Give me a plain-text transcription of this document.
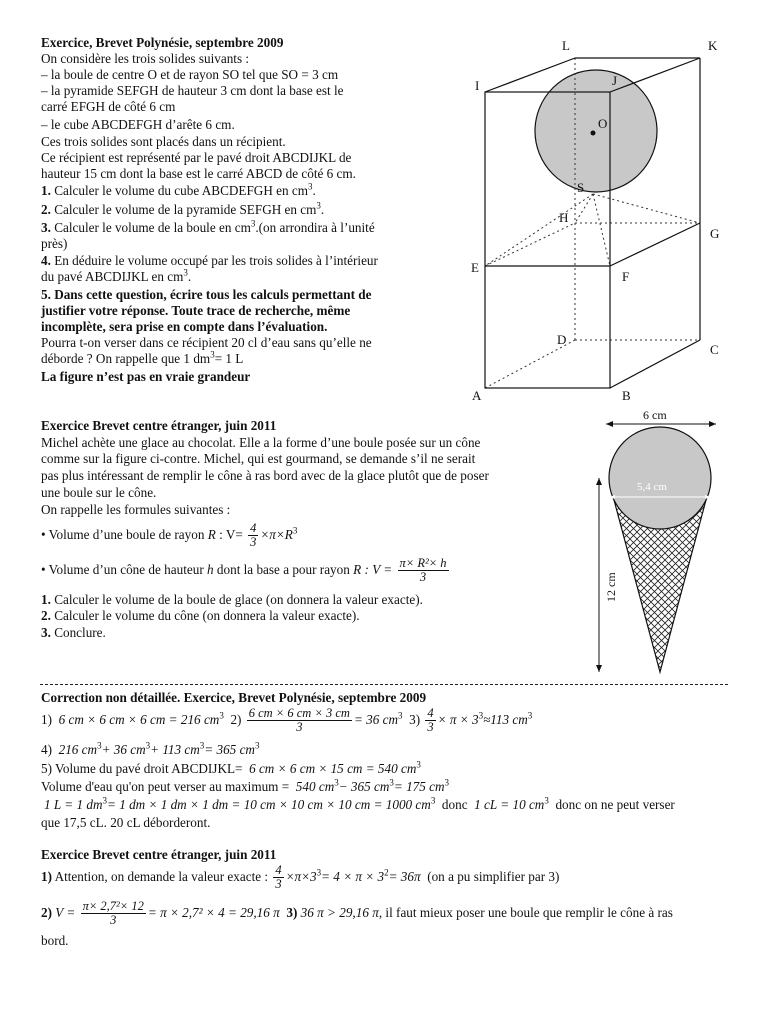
Exercice, Brevet Polynésie, septembre 2009
On considère les trois solides suivants :
– la boule de centre O et de rayon SO tel que SO = 3 cm
– la pyramide SEFGH de hauteur 3 cm dont la base est le
carré EFGH de côté 6 cm
– le cube ABCDEFGH d’arête 6 cm.
Ces trois solides sont placés dans un récipient.
Ce récipient est représenté par le pavé droit ABCDIJKL de
hauteur 15 cm dont la base est le carré ABCD de côté 6 cm.
1. Calculer le volume du cube ABCDEFGH en $cm^3$.
2. Calculer le volume de la pyramide SEFGH en $cm^3$.
3. Calculer le volume de la boule en $cm^3.(on$ arrondira à l’unité
près)
4. En déduire le volume occupé par les trois solides à l’intérieur
du pavé ABCDIJKL en $cm^3$.
5. Dans cette question, écrire tous les calculs permettant de
justifier votre réponse. Toute trace de recherche, même
incomplète, sera prise en compte dans l’évaluation.
Pourra t-on verser dans ce récipient 20 cl d’eau sans qu’elle ne
déborde ? On rappelle que 1 $dm^3= 1$ L
La figure n’est pas en vraie grandeur
L	K
I	J
O
S
H
G
E
F
D
C
A	B
Exercice Brevet centre étranger, juin 2011
Michel achète une glace au chocolat. Elle a la forme d’une boule posée sur un cône
comme sur la figure ci-contre. Michel, qui est gourmand, se demande s’il ne serait
pas plus intéressant de remplir le cône à ras bord avec de la glace plutôt que de poser
une boule sur le cône.
On rappelle les formules suivantes :
• Volume d’une boule de rayon R : $V= \frac{4}{3} \times\pi\times R^3$
• Volume d’un cône de hauteur h dont la base a pour rayon R : $V = \frac{\text{π× R²× h}}{3}$
1. Calculer le volume de la boule de glace (on donnera la valeur exacte).
2. Calculer le volume du cône (on donnera la valeur exacte).
3. Conclure.
6 cm
5,4 cm
12 cm
Correction non détaillée. Exercice, Brevet Polynésie, septembre 2009
1) 6 cm × 6 cm × 6 cm = 216 $cm^3$ $2) \frac{6 cm \times 6 cm \times 3 cm}{3} = 36$ $cm^3$ $3) \frac{4}{3} \times \pi \times 3^3\approx 113$ $cm^3$
4) 216 $cm^3+ 36$ $cm^3+ 113$ $cm^3= 365$ $cm^3$
5) Volume du pavé droit ABCDIJKL= 6 cm × 6 cm × 15 cm = 540 $cm^3$
Volume d'eau qu'on peut verser au maximum = 540 $cm^3- 365$ $cm^3= 175$ $cm^3$
1 L = 1 $dm^3= 1$ dm × 1 dm × 1 dm = 10 cm × 10 cm × 10 cm = 1000 $cm^3$ donc 1 cL = 10 $cm^3$ donc on ne peut verser
que 17,5 cL. 20 cL déborderont.
Exercice Brevet centre étranger, juin 2011
1) Attention, on demande la valeur exacte : $\frac{4}{3} \times\pi\times 3^3= 4 \times \pi \times 3^2= 36\pi$ (on a pu simplifier par 3)
2) $V = \frac{\text{π× 2,7²× 12}}{3} = \pi \times 2,7^2 \times 4 = 29,16$ π 3) 36 π > 29,16 π, il faut mieux poser une boule que remplir le cône à ras
bord.
